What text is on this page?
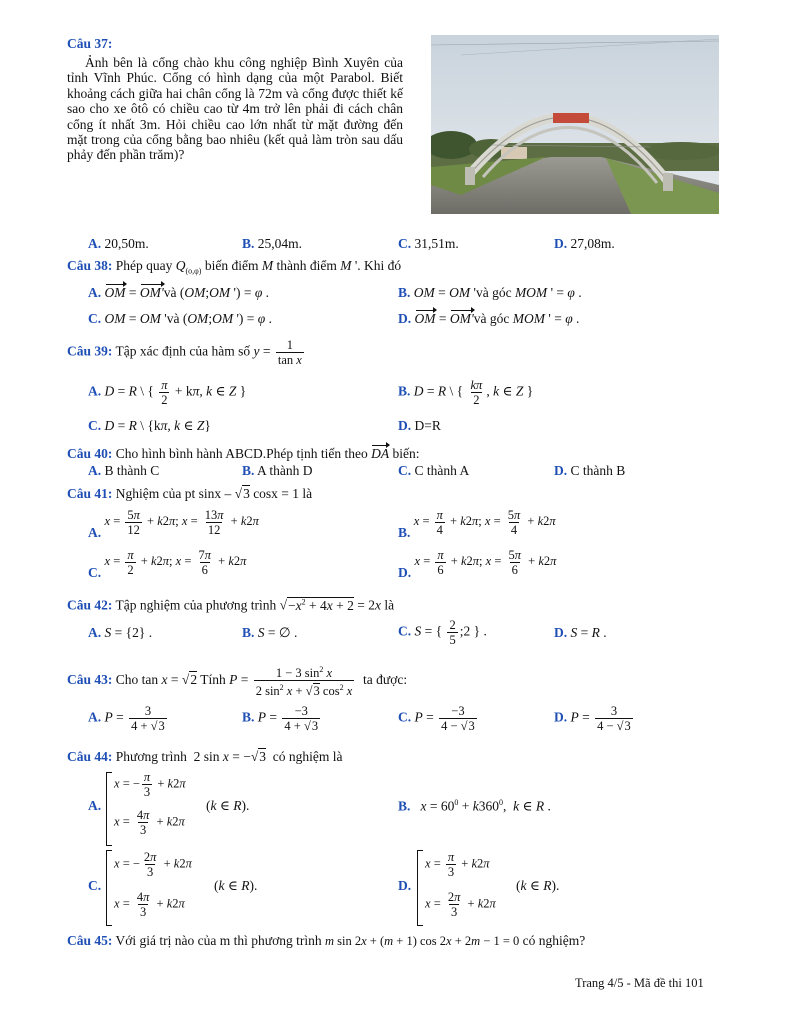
Câu 37:
Ảnh bên là cổng chào khu công nghiệp Bình Xuyên của tỉnh Vĩnh Phúc. Cổng có hình dạng của một Parabol. Biết khoảng cách giữa hai chân cổng là 72m và cổng được thiết kế sao cho xe ôtô có chiều cao từ 4m trở lên phải đi cách chân cổng ít nhất 3m. Hỏi chiều cao lớn nhất từ mặt đường đến mặt trong của cổng bằng bao nhiêu (kết quả làm tròn sau dấu phảy đến phần trăm)?
A. 20,50m.	B. 25,04m.	C. 31,51m.	D. 27,08m.
Câu 38: Phép quay $Q_{(o,\varphi)}$ biến điểm M thành điểm M '. Khi đó
A. OM = OM'và (OM;OM ') = φ .	B. OM = OM 'và góc MOM ' = φ .
C. OM = OM 'và (OM;OM ') = φ .	D. OM = OM'và góc MOM ' = φ .
Câu 39: Tập xác định của hàm số $y = \frac{1}{\text{tan x}}$
A. D = R \ { $\frac{\pi}{2} + k\pi$, k ∈ Z }	B. D = R \ { $\frac{k\pi}{2}$ , k ∈ Z }
C. D = R \ {kπ, k ∈ Z}	D. D=R
Câu 40: Cho hình bình hành ABCD.Phép tịnh tiến theo DA biến:
A. B thành C	B. A thành D	C. C thành A	D. C thành B
Câu 41: Nghiệm của pt sinx – √3 cosx = 1 là
A. $x = \frac{5\pi}{12} + k2\pi$; $x = \frac{13\pi}{12} + k2\pi$
B. $x = \frac{\pi}{4} + k2\pi$; $x = \frac{5\pi}{4} + k2\pi$
C. $x = \frac{\pi}{2} + k2\pi$; $x = \frac{7\pi}{6} + k2\pi$
D. $x = \frac{\pi}{6} + k2\pi$; $x = \frac{5\pi}{6} + k2\pi$
Câu 42: Tập nghiệm của phương trình $√-x^2 + 4x + 2 = 2x$ là
A. S = {2} .	B. S = ∅ .	C. S = { $\frac{2}{5}$ ;2 } .	D. S = R .
Câu 43: Cho tan x = √2 Tính $P = \frac{1 - 3 \sin^2 x}{2 \sin^2 x + √3 \cos^2 x}$ ta được:
A. $P = \frac{3}{4 + √3}$	B. $P = \frac{-3}{4 + √3}$	C. $P = \frac{-3}{4 - √3}$	D. $P = \frac{3}{4 - √3}$
Câu 44: Phương trình  2 sin x = −√3 có nghiệm là
A.
x = − $\frac{\pi}{3} + k2\pi$
$x = \frac{4\pi}{3} + k2\pi$
(k ∈ R).	B. $x = 60^0 + k360^0$,  k ∈ R .
C.
x = − $\frac{2\pi}{3} + k2\pi$
$x = \frac{4\pi}{3} + k2\pi$
(k ∈ R).	D.
$x = \frac{\pi}{3} + k2\pi$
$x = \frac{2\pi}{3} + k2\pi$
(k ∈ R).
Câu 45: Với giá trị nào của m thì phương trình m sin 2x + (m + 1) cos 2x + 2m − 1 = 0 có nghiệm?
Trang 4/5 - Mã đề thi 101
